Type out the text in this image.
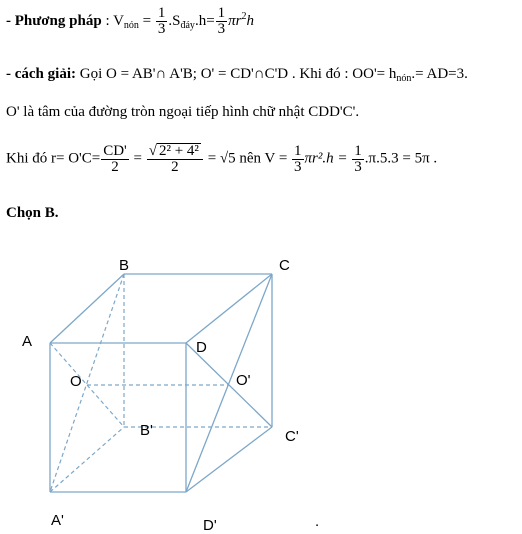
- Phương pháp : $V_{nón} = \frac{1}{3} .S_{đáy}.h= \frac{1}{3} \pi r^2h$
- cách giải: Gọi O = AB'∩ A'B; O' = CD'∩C'D . Khi đó : $OO'= h_{nón}.= AD=3$.
O' là tâm của đường tròn ngoại tiếp hình chữ nhật CDD'C'.
Khi đó $r= O'C= \frac{CD'}{2} = \frac{\text{√ 2² + 4²}}{2} = √5$ nên $V = \frac{1}{3} \pi r^2.h = \frac{1}{3} .\pi.5.3 = 5\pi$ .
Chọn B.
B	C
A	D
O	O'
B'	C'
A'	D'	.
